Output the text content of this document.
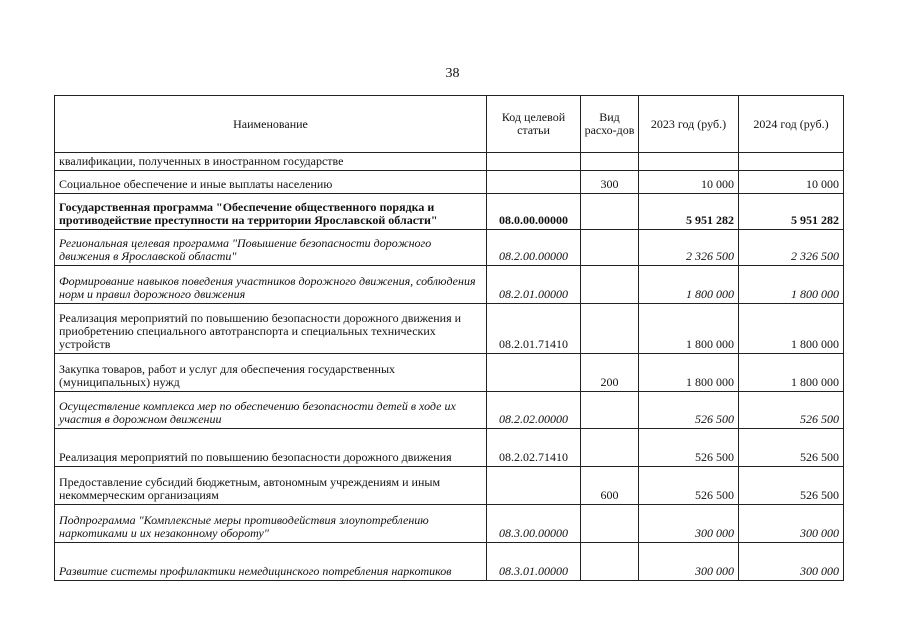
38
Наименование	Код целевой статьи	Вид расхо-дов	2023 год (руб.)	2024 год (руб.)
квалификации, полученных в иностранном государстве				
Социальное обеспечение и иные выплаты населению		300	10 000	10 000
Государственная программа "Обеспечение общественного порядка и противодействие преступности на территории Ярославской области"	08.0.00.00000		5 951 282	5 951 282
Региональная целевая программа "Повышение безопасности дорожного движения в Ярославской области"	08.2.00.00000		2 326 500	2 326 500
Формирование навыков поведения участников дорожного движения, соблюдения норм и правил дорожного движения	08.2.01.00000		1 800 000	1 800 000
Реализация мероприятий по повышению безопасности дорожного движения и приобретению специального автотранспорта и специальных технических устройств	08.2.01.71410		1 800 000	1 800 000
Закупка товаров, работ и услуг для обеспечения государственных (муниципальных) нужд		200	1 800 000	1 800 000
Осуществление комплекса мер по обеспечению безопасности детей в ходе их участия в дорожном движении	08.2.02.00000		526 500	526 500
Реализация мероприятий по повышению безопасности дорожного движения	08.2.02.71410		526 500	526 500
Предоставление субсидий бюджетным, автономным учреждениям и иным некоммерческим организациям		600	526 500	526 500
Подпрограмма "Комплексные меры противодействия злоупотреблению наркотиками и их незаконному обороту"	08.3.00.00000		300 000	300 000
Развитие системы профилактики немедицинского потребления наркотиков	08.3.01.00000		300 000	300 000
